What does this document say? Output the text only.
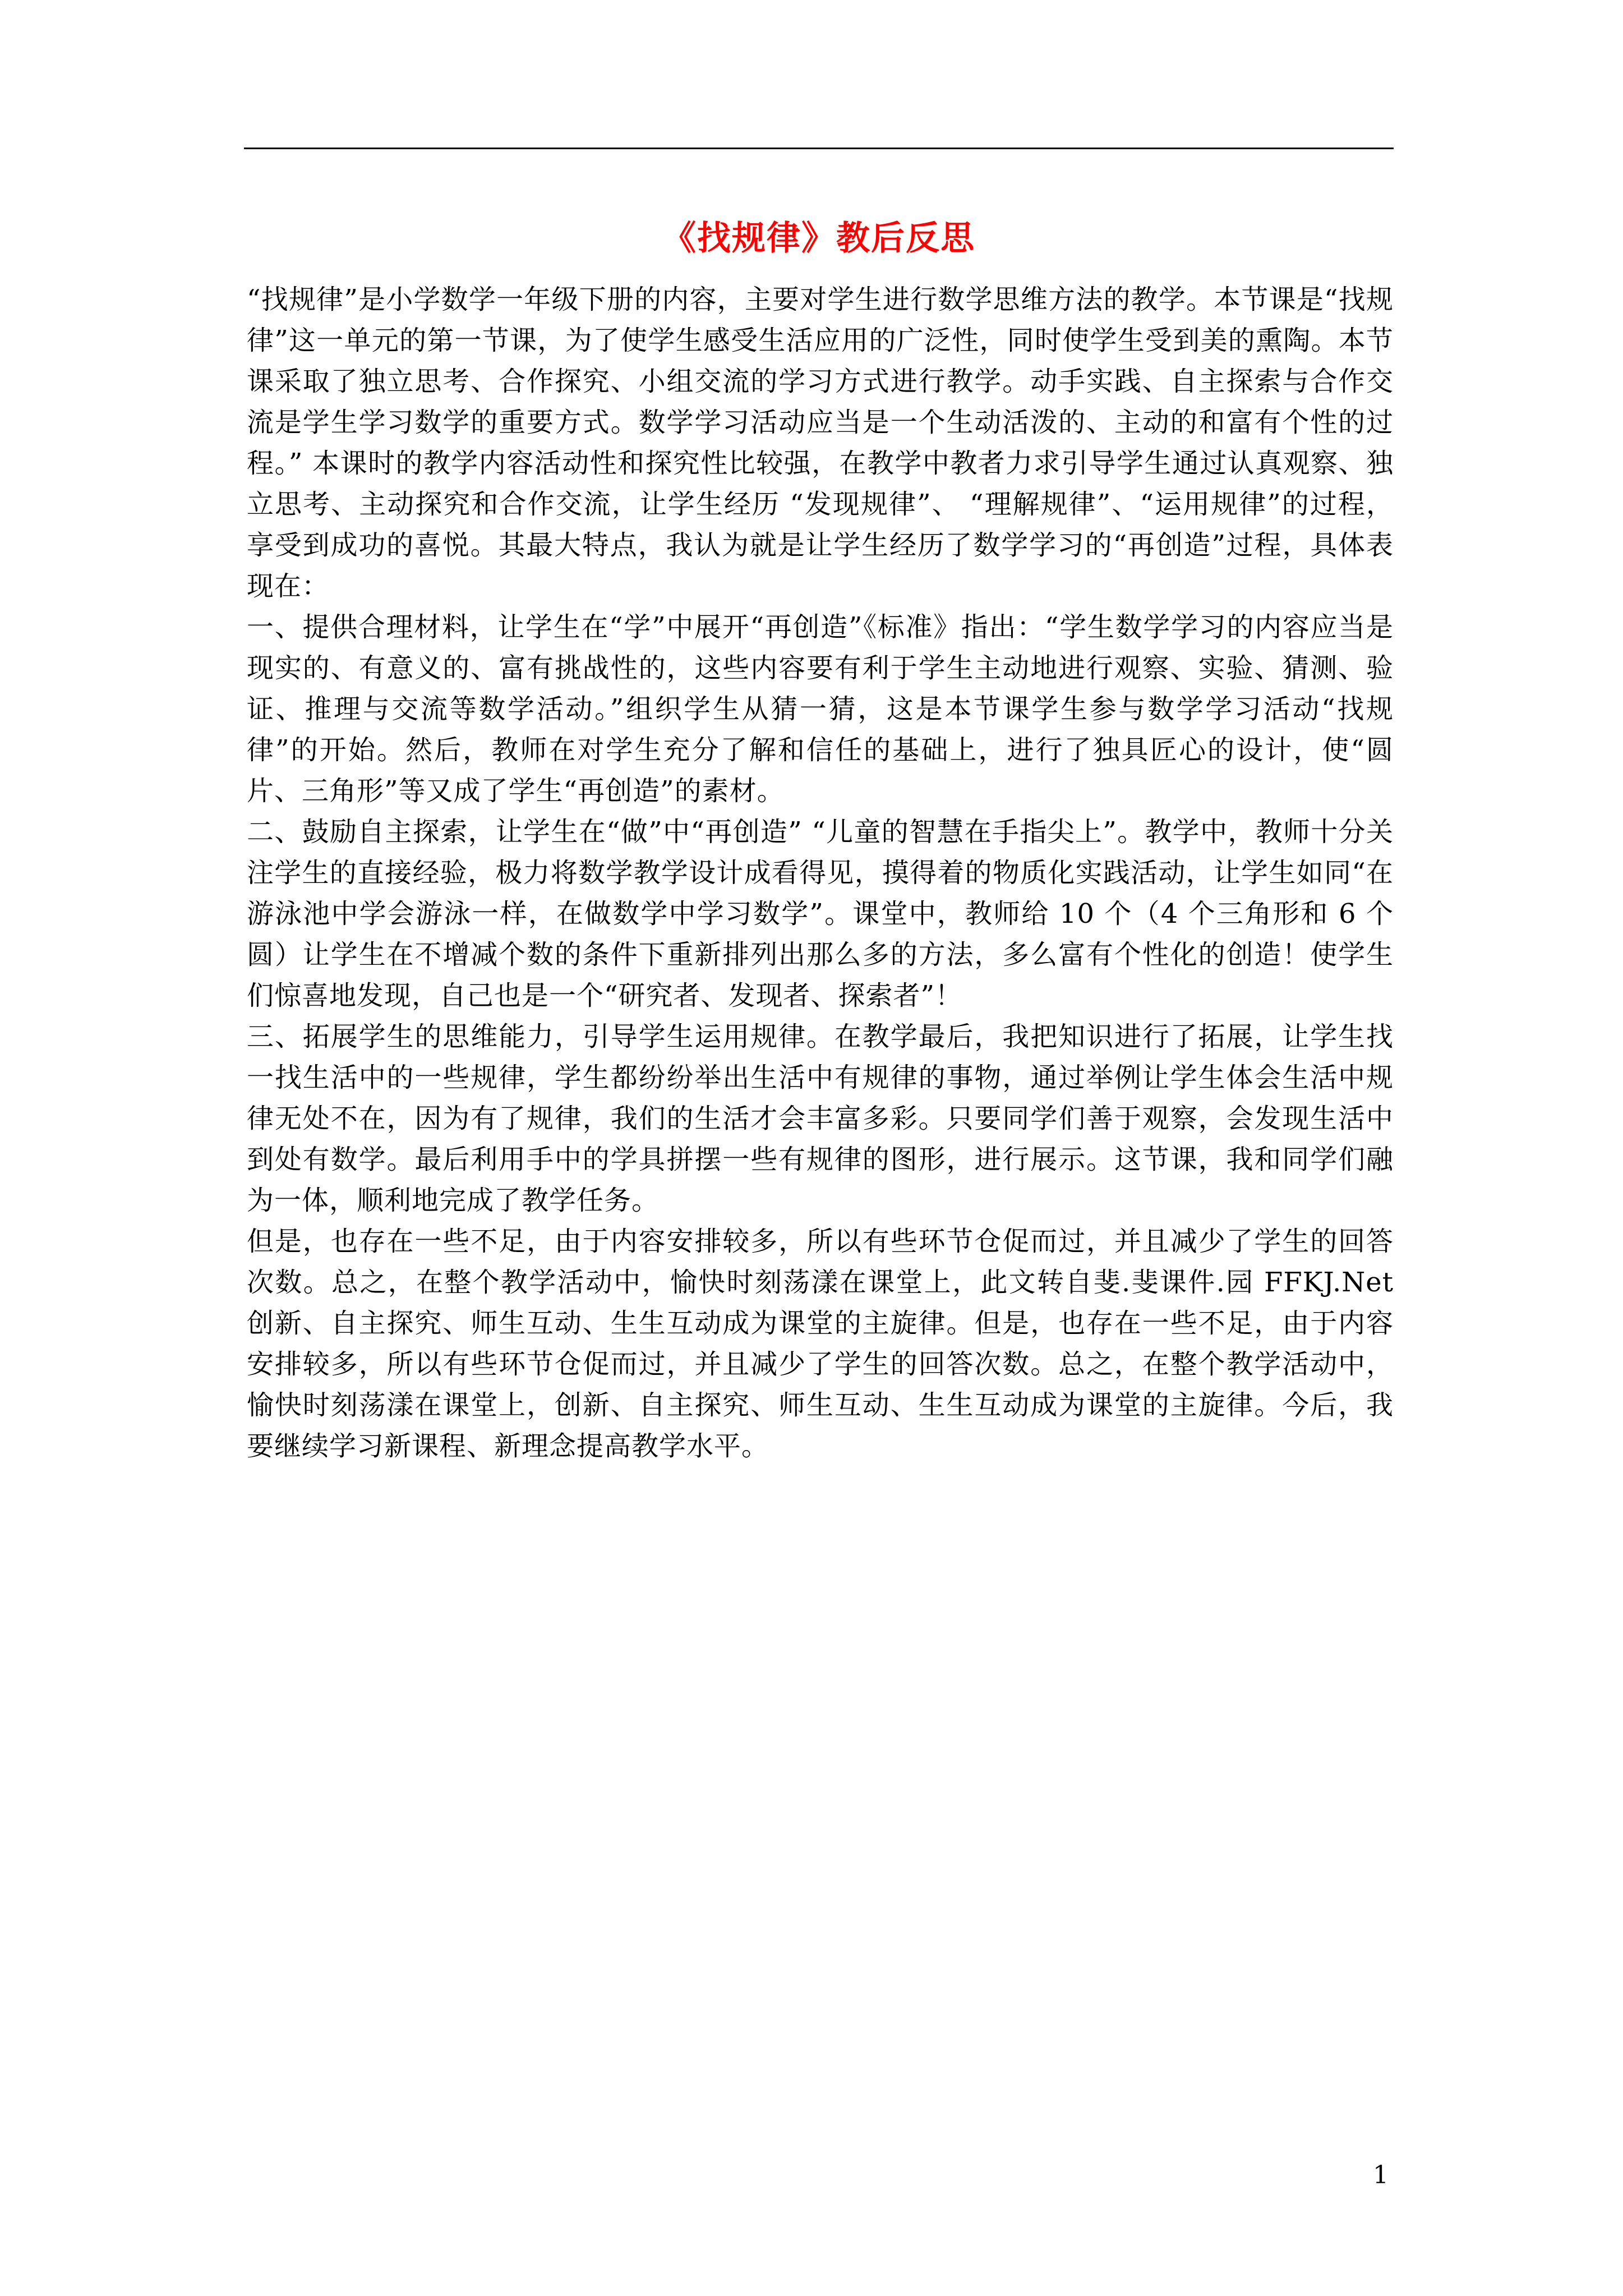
《找规律》教后反思

“找规律”是小学数学一年级下册的内容，主要对学生进行数学思维方法的教学。本节课是“找规律”这一单元的第一节课，为了使学生感受生活应用的广泛性，同时使学生受到美的熏陶。本节课采取了独立思考、合作探究、小组交流的学习方式进行教学。动手实践、自主探索与合作交流是学生学习数学的重要方式。数学学习活动应当是一个生动活泼的、主动的和富有个性的过程。” 本课时的教学内容活动性和探究性比较强，在教学中教者力求引导学生通过认真观察、独立思考、主动探究和合作交流，让学生经历 “发现规律”、 “理解规律”、“运用规律”的过程，享受到成功的喜悦。其最大特点，我认为就是让学生经历了数学学习的“再创造”过程，具体表现在：

一、提供合理材料，让学生在“学”中展开“再创造”《标准》指出：“学生数学学习的内容应当是现实的、有意义的、富有挑战性的，这些内容要有利于学生主动地进行观察、实验、猜测、验证、推理与交流等数学活动。”组织学生从猜一猜，这是本节课学生参与数学学习活动“找规律”的开始。然后，教师在对学生充分了解和信任的基础上，进行了独具匠心的设计，使“圆片、三角形”等又成了学生“再创造”的素材。

二、鼓励自主探索，让学生在“做”中“再创造” “儿童的智慧在手指尖上”。教学中，教师十分关注学生的直接经验，极力将数学教学设计成看得见，摸得着的物质化实践活动，让学生如同“在游泳池中学会游泳一样，在做数学中学习数学”。课堂中，教师给 10 个（4 个三角形和 6 个圆）让学生在不增减个数的条件下重新排列出那么多的方法，多么富有个性化的创造！使学生们惊喜地发现，自己也是一个“研究者、发现者、探索者”！

三、拓展学生的思维能力，引导学生运用规律。在教学最后，我把知识进行了拓展，让学生找一找生活中的一些规律，学生都纷纷举出生活中有规律的事物，通过举例让学生体会生活中规律无处不在，因为有了规律，我们的生活才会丰富多彩。只要同学们善于观察，会发现生活中到处有数学。最后利用手中的学具拼摆一些有规律的图形，进行展示。这节课，我和同学们融为一体，顺利地完成了教学任务。

但是，也存在一些不足，由于内容安排较多，所以有些环节仓促而过，并且减少了学生的回答次数。总之，在整个教学活动中，愉快时刻荡漾在课堂上，此文转自斐.斐课件.园 FFKJ.Net 创新、自主探究、师生互动、生生互动成为课堂的主旋律。但是，也存在一些不足，由于内容安排较多，所以有些环节仓促而过，并且减少了学生的回答次数。总之，在整个教学活动中，愉快时刻荡漾在课堂上，创新、自主探究、师生互动、生生互动成为课堂的主旋律。今后，我要继续学习新课程、新理念提高教学水平。

1
